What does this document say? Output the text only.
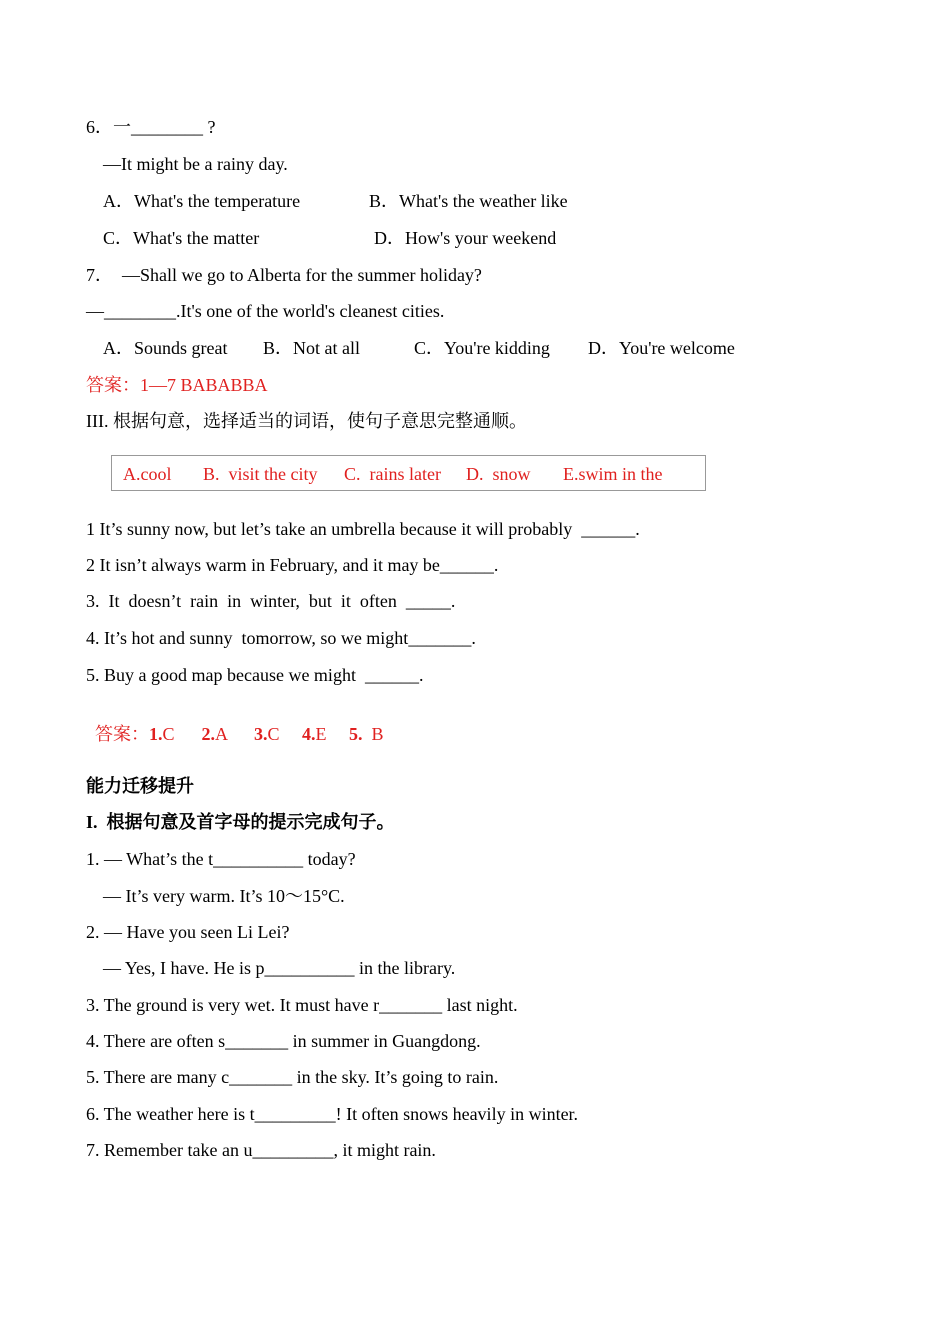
6．一________ ?
—It might be a rainy day.
A．What's the temperature	B．What's the weather like
C．What's the matter	D．How's your weekend
7．  —Shall we go to Alberta for the summer holiday?
—________.It's one of the world's cleanest cities.
A．Sounds great B．Not at all	C．You're kidding D．You're welcome
答案：1—7 BABABBA
III. 根据句意，选择适当的词语，使句子意思完整通顺。
A.cool B.  visit the city C.  rains later D.  snow E.swim in the
1 It’s sunny now, but let’s take an umbrella because it will probably  ______.
2 It isn’t always warm in February, and it may be______.
3.  It  doesn’t  rain  in  winter,  but  it  often  _____.
4. It’s hot and sunny  tomorrow, so we might_______.
5. Buy a good map because we might  ______.

答案：1.C 2.A 3.C 4.E 5.  B

能力迁移提升
I.  根据句意及首字母的提示完成句子。
1. — What’s the t__________ today?
— It’s very warm. It’s 10～15°C.
2. — Have you seen Li Lei?
— Yes, I have. He is p__________ in the library.
3. The ground is very wet. It must have r_______ last night.
4. There are often s_______ in summer in Guangdong.
5. There are many c_______ in the sky. It’s going to rain.
6. The weather here is t_________! It often snows heavily in winter.
7. Remember take an u_________, it might rain.
